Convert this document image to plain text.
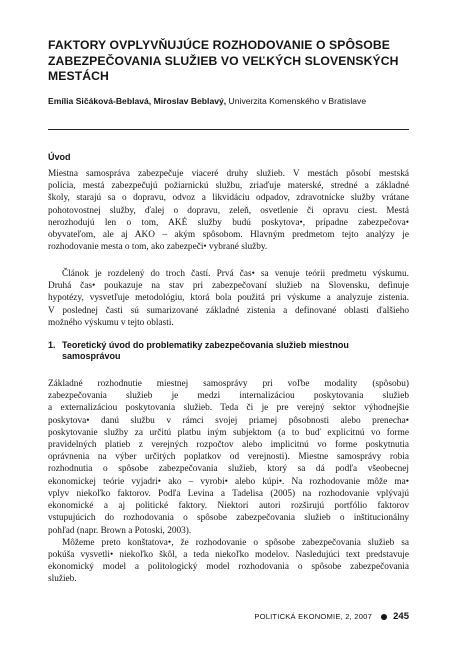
FAKTORY OVPLYVŇUJÚCE ROZHODOVANIE O SPÔSOBE
ZABEZPEČOVANIA SLUŽIEB VO VEĽKÝCH SLOVENSKÝCH
MESTÁCH
Emília Sičáková-Beblavá, Miroslav Beblavý, Univerzita Komenského v Bratislave
Úvod
Miestna samospráva zabezpečuje viaceré druhy služieb. V mestách pôsobí mestská
polícia, mestá zabezpečujú požiarnickú službu, zriaďuje materské, stredné a základné
školy, starajú sa o dopravu, odvoz a likvidáciu odpadov, zdravotnícke služby vrátane
pohotovostnej služby, ďalej o dopravu, zeleň, osvetlenie či opravu ciest. Mestá
nerozhodujú len o tom, AKÉ služby budú poskytova•, prípadne zabezpečova•
obyvateľom, ale aj AKO – akým spôsobom. Hlavným predmetom tejto analýzy je
rozhodovanie mesta o tom, ako zabezpeči• vybrané služby.
Článok je rozdelený do troch častí. Prvá čas• sa venuje teórii predmetu výskumu.
Druhá čas• poukazuje na stav pri zabezpečovaní služieb na Slovensku, definuje
hypotézy, vysvetľuje metodológiu, ktorá bola použitá pri výskume a analyzuje zistenia.
V poslednej časti sú sumarizované základné zistenia a definované oblasti ďalšieho
možného výskumu v tejto oblasti.
1. Teoretický úvod do problematiky zabezpečovania služieb miestnou
samosprávou
Základné rozhodnutie miestnej samosprávy pri voľbe modality (spôsobu)
zabezpečovania služieb je medzi internalizáciou poskytovania služieb
a externalizáciou poskytovania služieb. Teda či je pre verejný sektor výhodnejšie
poskytova• danú službu v rámci svojej priamej pôsobnosti alebo prenecha•
poskytovanie služby za určitú platbu iným subjektom (a to buď explicitnú vo forme
pravidelných platieb z verejných rozpočtov alebo implicitnú vo forme poskytnutia
oprávnenia na výber určitých poplatkov od verejnosti). Miestne samosprávy robia
rozhodnutia o spôsobe zabezpečovania služieb, ktorý sa dá podľa všeobecnej
ekonomickej teórie vyjadri• ako – vyrobi• alebo kúpi•. Na rozhodovanie môže ma•
vplyv niekoľko faktorov. Podľa Levina a Tadelisa (2005) na rozhodovanie vplývajú
ekonomické a aj politické faktory. Niektorí autori rozširujú portfólio faktorov
vstupujúcich do rozhodovania o spôsobe zabezpečovania služieb o inštitucionálny
pohľad (napr. Brown a Potoski, 2003).
Môžeme preto konštatova•, že rozhodovanie o spôsobe zabezpečovania služieb sa
pokúša vysvetli• niekoľko škôl, a teda niekoľko modelov. Nasledujúci text predstavuje
ekonomický model a politologický model rozhodovania o spôsobe zabezpečovania
služieb.
POLITICKÁ EKONOMIE, 2, 2007 245
